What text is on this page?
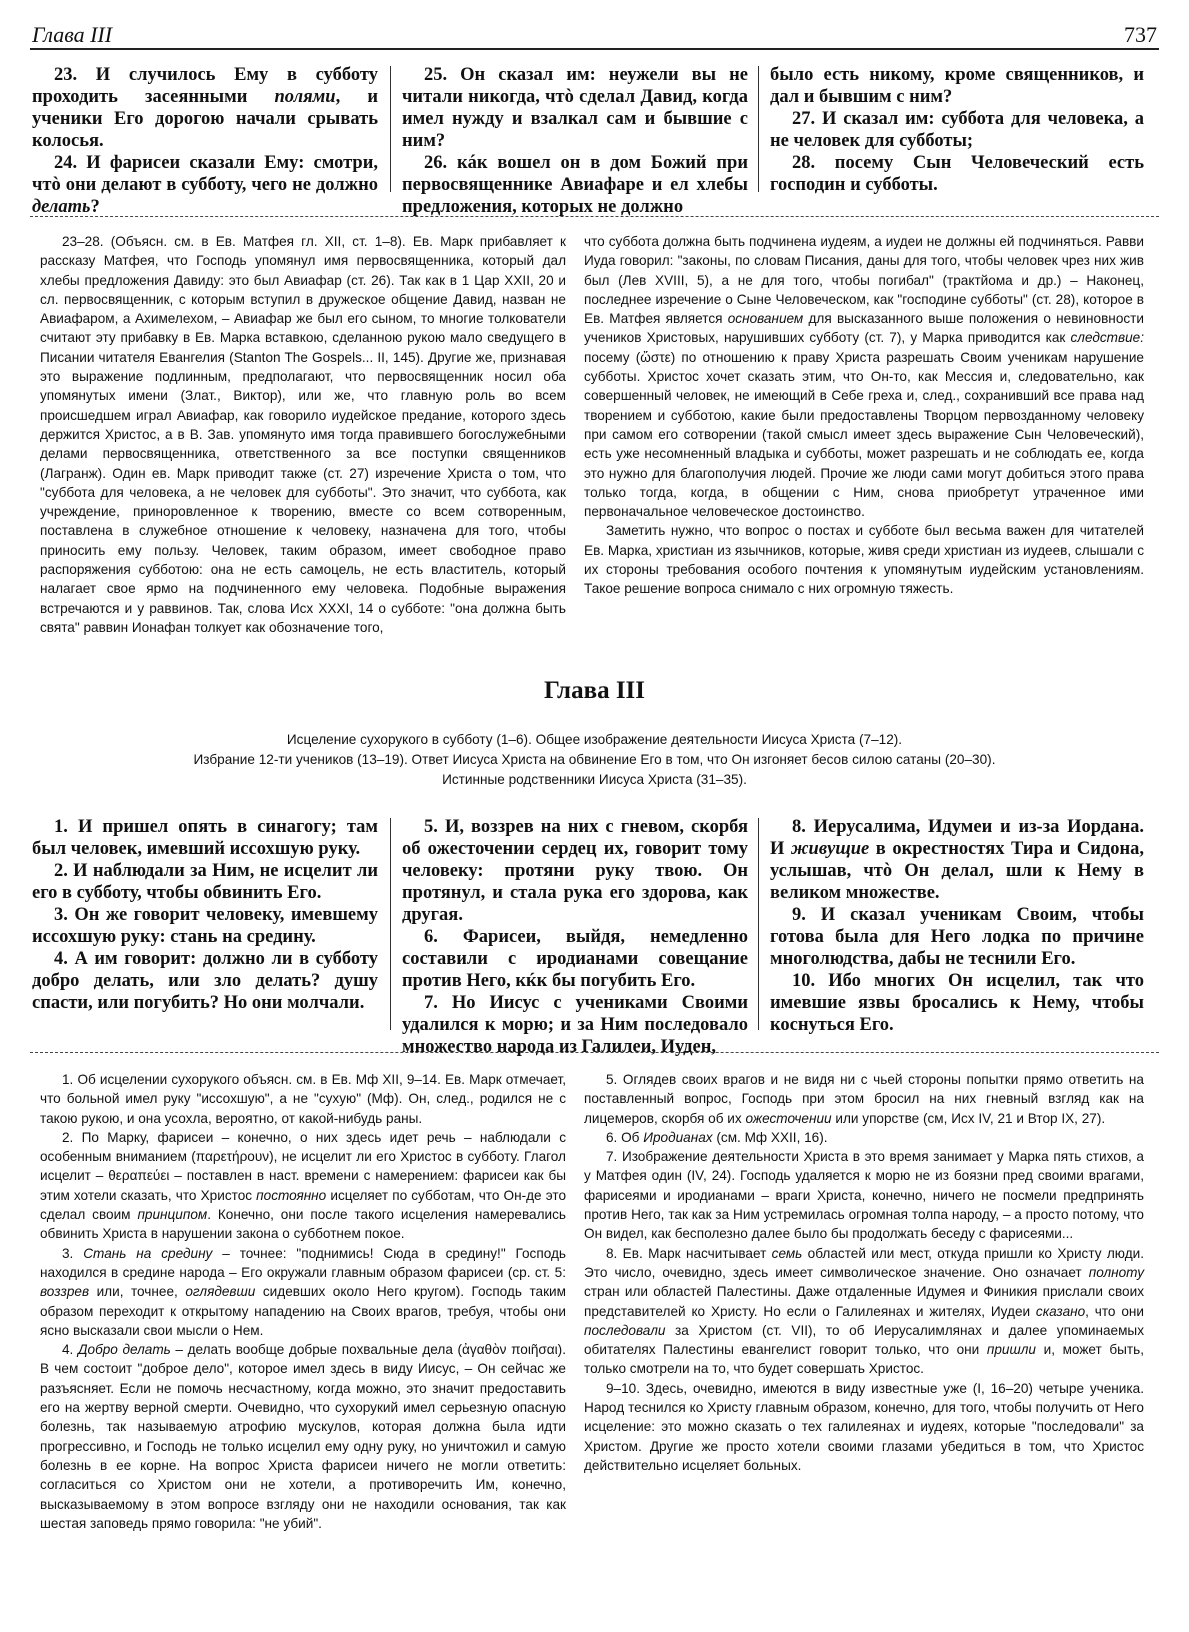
Глава III	737

23. И случилось Ему в субботу проходить засеянными полями, и ученики Его дорогою начали срывать колосья.

24. И фарисеи сказали Ему: смотри, чтò они делают в субботу, чего не должно делать?

25. Он сказал им: неужели вы не читали никогда, чтò сделал Давид, когда имел нужду и взалкал сам и бывшие с ним?

26. кáк вошел он в дом Божий при первосвященнике Авиафаре и ел хлебы предложения, которых не должно

было есть никому, кроме священников, и дал и бывшим с ним?

27. И сказал им: суббота для человека, а не человек для субботы;

28. посему Сын Человеческий есть господин и субботы.

23–28. (Объясн. см. в Ев. Матфея гл. XII, ст. 1–8). Ев. Марк прибавляет к рассказу Матфея, что Господь упомянул имя первосвященника, который дал хлебы предложения Давиду: это был Авиафар (ст. 26). Так как в 1 Цар XXII, 20 и сл. первосвященник, с которым вступил в дружеское общение Давид, назван не Авиафаром, а Ахимелехом, – Авиафар же был его сыном, то многие толкователи считают эту прибавку в Ев. Марка вставкою, сделанною рукою мало сведущего в Писании читателя Евангелия (Stanton The Gospels... II, 145). Другие же, признавая это выражение подлинным, предполагают, что первосвященник носил оба упомянутых имени (Злат., Виктор), или же, что главную роль во всем происшедшем играл Авиафар, как говорило иудейское предание, которого здесь держится Христос, а в В. Зав. упомянуто имя тогда правившего богослужебными делами первосвященника, ответственного за все поступки священников (Лагранж). Один ев. Марк приводит также (ст. 27) изречение Христа о том, что "суббота для человека, а не человек для субботы". Это значит, что суббота, как учреждение, приноровленное к творению, вместе со всем сотворенным, поставлена в служебное отношение к человеку, назначена для того, чтобы приносить ему пользу. Человек, таким образом, имеет свободное право распоряжения субботою: она не есть самоцель, не есть властитель, который налагает свое ярмо на подчиненного ему человека. Подобные выражения встречаются и у раввинов. Так, слова Исх XXXI, 14 о субботе: "она должна быть свята" раввин Ионафан толкует как обозначение того,

что суббота должна быть подчинена иудеям, а иудеи не должны ей подчиняться. Равви Иуда говорил: "законы, по словам Писания, даны для того, чтобы человек чрез них жив был (Лев XVIII, 5), а не для того, чтобы погибал" (трактйома и др.) – Наконец, последнее изречение о Сыне Человеческом, как "господине субботы" (ст. 28), которое в Ев. Матфея является основанием для высказанного выше положения о невиновности учеников Христовых, нарушивших субботу (ст. 7), у Марка приводится как следствие: посему (ὥστε) по отношению к праву Христа разрешать Своим ученикам нарушение субботы. Христос хочет сказать этим, что Он-то, как Мессия и, следовательно, как совершенный человек, не имеющий в Себе греха и, след., сохранивший все права над творением и субботою, какие были предоставлены Творцом первозданному человеку при самом его сотворении (такой смысл имеет здесь выражение Сын Человеческий), есть уже несомненный владыка и субботы, может разрешать и не соблюдать ее, когда это нужно для благополучия людей. Прочие же люди сами могут добиться этого права только тогда, когда, в общении с Ним, снова приобретут утраченное ими первоначальное человеческое достоинство.

Заметить нужно, что вопрос о постах и субботе был весьма важен для читателей Ев. Марка, христиан из язычников, которые, живя среди христиан из иудеев, слышали с их стороны требования особого почтения к упомянутым иудейским установлениям. Такое решение вопроса снимало с них огромную тяжесть.

Глава III
Исцеление сухорукого в субботу (1–6). Общее изображение деятельности Иисуса Христа (7–12).
Избрание 12-ти учеников (13–19). Ответ Иисуса Христа на обвинение Его в том, что Он изгоняет бесов силою сатаны (20–30).
Истинные родственники Иисуса Христа (31–35).

1. И пришел опять в синагогу; там был человек, имевший иссохшую руку.

2. И наблюдали за Ним, не исцелит ли его в субботу, чтобы обвинить Его.

3. Он же говорит человеку, имевшему иссохшую руку: стань на средину.

4. А им говорит: должно ли в субботу добро делать, или зло делать? душу спасти, или погубить? Но они молчали.

5. И, воззрев на них с гневом, скорбя об ожесточении сердец их, говорит тому человеку: протяни руку твою. Он протянул, и стала рука его здорова, как другая.

6. Фарисеи, выйдя, немедленно составили с иродианами совещание против Него, кќк бы погубить Его.

7. Но Иисус с учениками Своими удалился к морю; и за Ним последовало множество народа из Галилеи, Иуден,

8. Иерусалима, Идумеи и из-за Иордана. И живущие в окрестностях Тира и Сидона, услышав, чтò Он делал, шли к Нему в великом множестве.

9. И сказал ученикам Своим, чтобы готова была для Него лодка по причине многолюдства, дабы не теснили Его.

10. Ибо многих Он исцелил, так что имевшие язвы бросались к Нему, чтобы коснуться Его.

1. Об исцелении сухорукого объясн. см. в Ев. Мф XII, 9–14. Ев. Марк отмечает, что больной имел руку "иссохшую", а не "сухую" (Мф). Он, след., родился не с такою рукою, и она усохла, вероятно, от какой-нибудь раны.

2. По Марку, фарисеи – конечно, о них здесь идет речь – наблюдали с особенным вниманием (παρετήρουν), не исцелит ли его Христос в субботу. Глагол исцелит – θεραπεύει – поставлен в наст. времени с намерением: фарисеи как бы этим хотели сказать, что Христос постоянно исцеляет по субботам, что Он-де это сделал своим принципом. Конечно, они после такого исцеления намеревались обвинить Христа в нарушении закона о субботнем покое.

3. Стань на средину – точнее: "поднимись! Сюда в средину!" Господь находился в средине народа – Его окружали главным образом фарисеи (ср. ст. 5: воззрев или, точнее, оглядевши сидевших около Него кругом). Господь таким образом переходит к открытому нападению на Своих врагов, требуя, чтобы они ясно высказали свои мысли о Нем.

4. Добро делать – делать вообще добрые похвальные дела (ἀγαθὸν ποιῆσαι). В чем состоит "доброе дело", которое имел здесь в виду Иисус, – Он сейчас же разъясняет. Если не помочь несчастному, когда можно, это значит предоставить его на жертву верной смерти. Очевидно, что сухорукий имел серьезную опасную болезнь, так называемую атрофию мускулов, которая должна была идти прогрессивно, и Господь не только исцелил ему одну руку, но уничтожил и самую болезнь в ее корне. На вопрос Христа фарисеи ничего не могли ответить: согласиться со Христом они не хотели, а противоречить Им, конечно, высказываемому в этом вопросе взгляду они не находили основания, так как шестая заповедь прямо говорила: "не убий".

5. Оглядев своих врагов и не видя ни с чьей стороны попытки прямо ответить на поставленный вопрос, Господь при этом бросил на них гневный взгляд как на лицемеров, скорбя об их ожесточении или упорстве (см, Исх IV, 21 и Втор IX, 27).

6. Об Иродианах (см. Мф XXII, 16).

7. Изображение деятельности Христа в это время занимает у Марка пять стихов, а у Матфея один (IV, 24). Господь удаляется к морю не из боязни пред своими врагами, фарисеями и иродианами – враги Христа, конечно, ничего не посмели предпринять против Него, так как за Ним устремилась огромная толпа народу, – а просто потому, что Он видел, как бесполезно далее было бы продолжать беседу с фарисеями...

8. Ев. Марк насчитывает семь областей или мест, откуда пришли ко Христу люди. Это число, очевидно, здесь имеет символическое значение. Оно означает полноту стран или областей Палестины. Даже отдаленные Идумея и Финикия прислали своих представителей ко Христу. Но если о Галилеянах и жителях, Иудеи сказано, что они последовали за Христом (ст. VII), то об Иерусалимлянах и далее упоминаемых обитателях Палестины евангелист говорит только, что они пришли и, может быть, только смотрели на то, что будет совершать Христос.

9–10. Здесь, очевидно, имеются в виду известные уже (I, 16–20) четыре ученика. Народ теснился ко Христу главным образом, конечно, для того, чтобы получить от Него исцеление: это можно сказать о тех галилеянах и иудеях, которые "последовали" за Христом. Другие же просто хотели своими глазами убедиться в том, что Христос действительно исцеляет больных.
